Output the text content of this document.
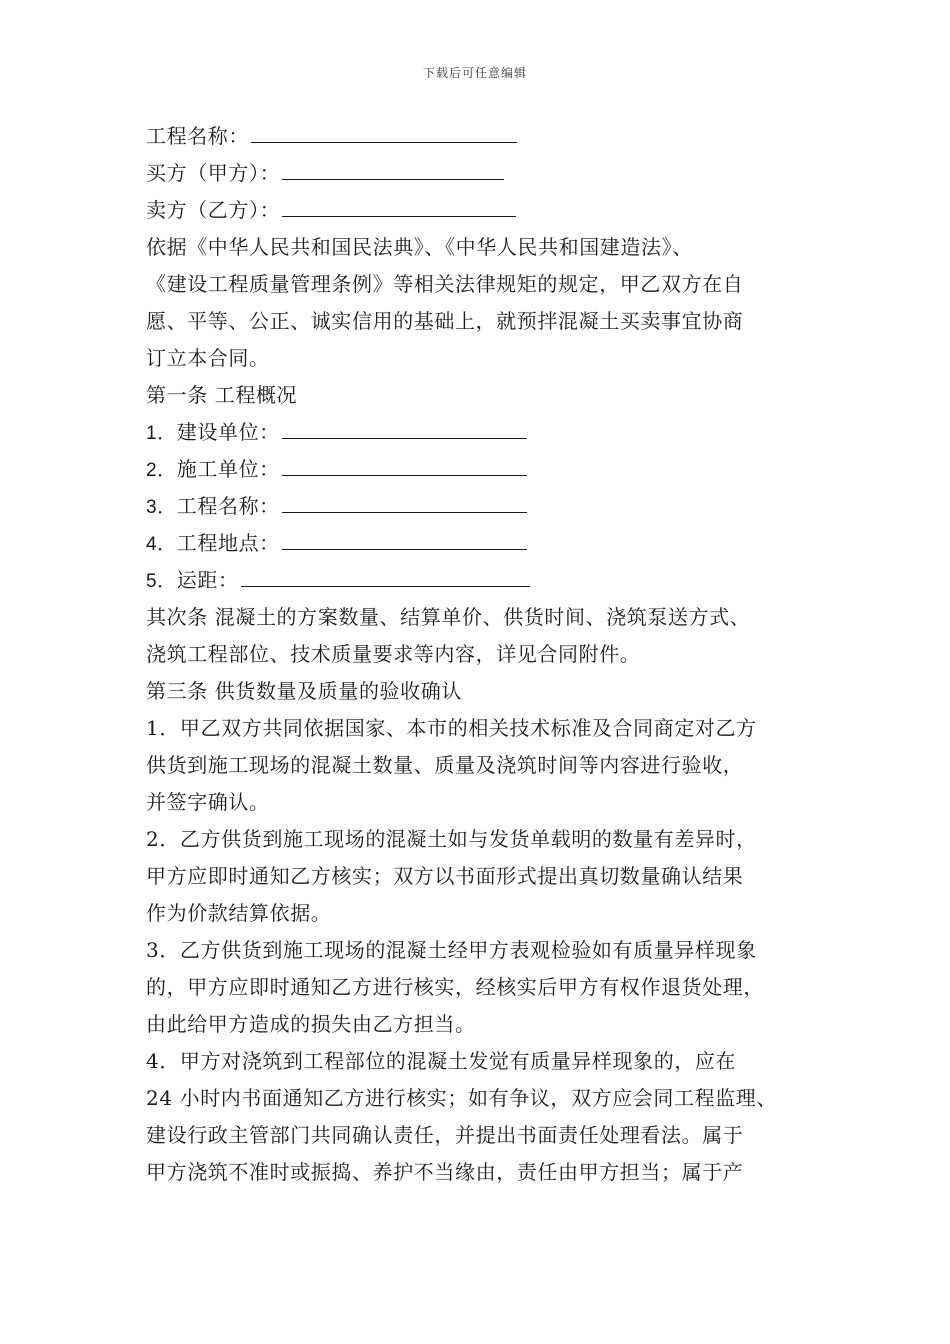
下载后可任意编辑
工程名称：
买方（甲方）：
卖方（乙方）：
依据《中华人民共和国民法典》、《中华人民共和国建造法》、
《建设工程质量管理条例》等相关法律规矩的规定，甲乙双方在自
愿、平等、公正、诚实信用的基础上，就预拌混凝土买卖事宜协商
订立本合同。
第一条 工程概况
1．建设单位：
2．施工单位：
3．工程名称：
4．工程地点：
5．运距：
其次条 混凝土的方案数量、结算单价、供货时间、浇筑泵送方式、
浇筑工程部位、技术质量要求等内容，详见合同附件。
第三条 供货数量及质量的验收确认
1．甲乙双方共同依据国家、本市的相关技术标准及合同商定对乙方
供货到施工现场的混凝土数量、质量及浇筑时间等内容进行验收，
并签字确认。
2．乙方供货到施工现场的混凝土如与发货单载明的数量有差异时，
甲方应即时通知乙方核实；双方以书面形式提出真切数量确认结果
作为价款结算依据。
3．乙方供货到施工现场的混凝土经甲方表观检验如有质量异样现象
的，甲方应即时通知乙方进行核实，经核实后甲方有权作退货处理，
由此给甲方造成的损失由乙方担当。
4．甲方对浇筑到工程部位的混凝土发觉有质量异样现象的，应在
24 小时内书面通知乙方进行核实；如有争议，双方应会同工程监理、
建设行政主管部门共同确认责任，并提出书面责任处理看法。属于
甲方浇筑不准时或振捣、养护不当缘由，责任由甲方担当；属于产
